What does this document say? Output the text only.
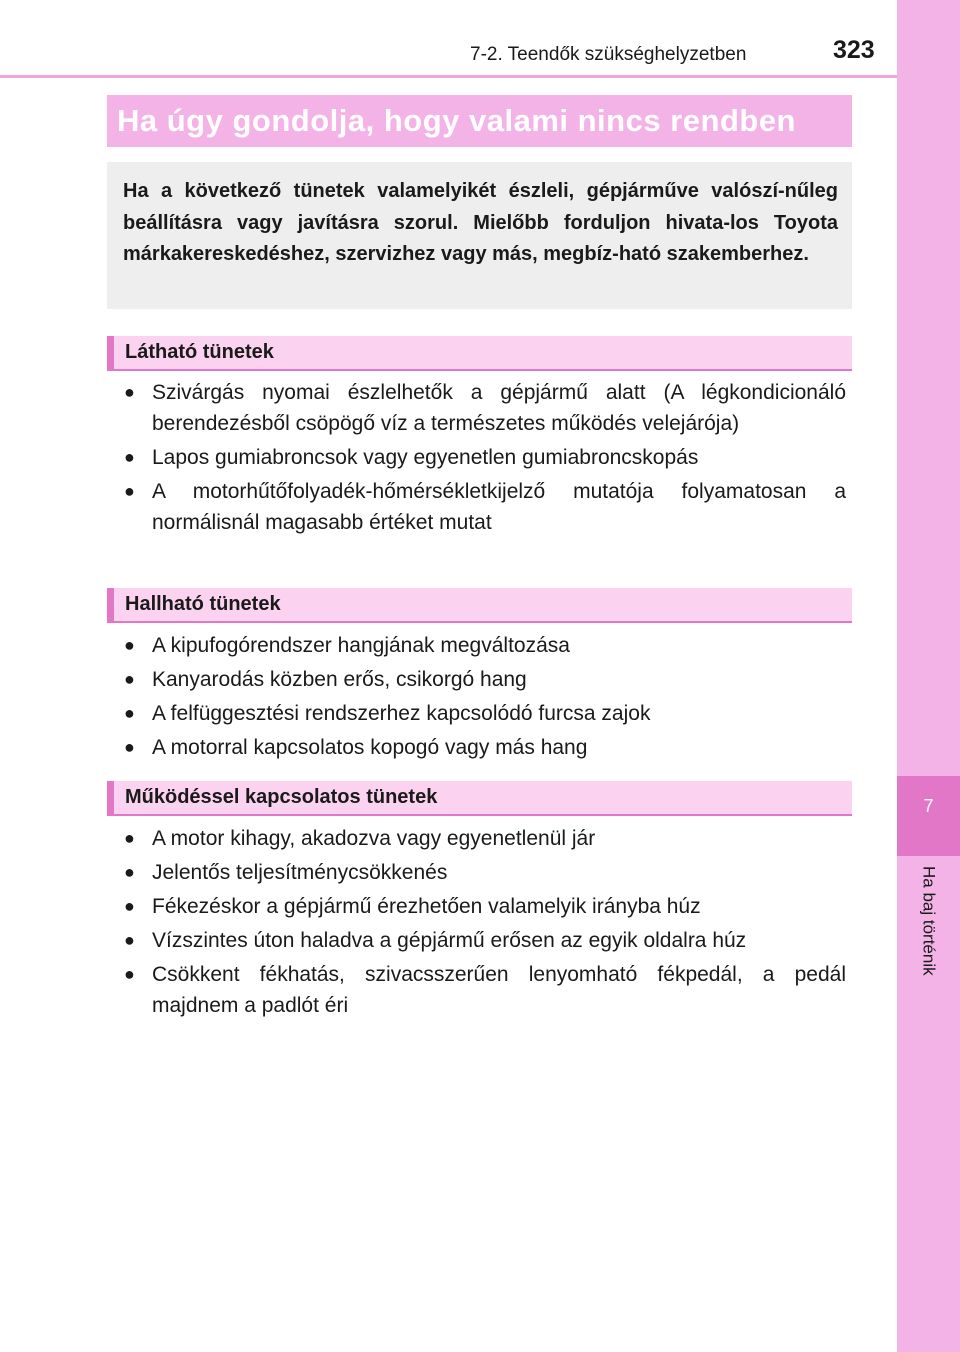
7
Ha baj történik
7-2. Teendők szükséghelyzetben	323
Ha úgy gondolja, hogy valami nincs rendben

Ha a következő tünetek valamelyikét észleli, gépjárműve valószí-nűleg beállításra vagy javításra szorul. Mielőbb forduljon hivata-los Toyota márkakereskedéshez, szervizhez vagy más, megbíz-ható szakemberhez.

Látható tünetek
● Szivárgás nyomai észlelhetők a gépjármű alatt (A légkondicionáló berendezésből csöpögő víz a természetes működés velejárója)
● Lapos gumiabroncsok vagy egyenetlen gumiabroncskopás
● A motorhűtőfolyadék-hőmérsékletkijelző mutatója folyamatosan a normálisnál magasabb értéket mutat
Hallható tünetek
● A kipufogórendszer hangjának megváltozása
● Kanyarodás közben erős, csikorgó hang
● A felfüggesztési rendszerhez kapcsolódó furcsa zajok
● A motorral kapcsolatos kopogó vagy más hang
Működéssel kapcsolatos tünetek
● A motor kihagy, akadozva vagy egyenetlenül jár
● Jelentős teljesítménycsökkenés
● Fékezéskor a gépjármű érezhetően valamelyik irányba húz
● Vízszintes úton haladva a gépjármű erősen az egyik oldalra húz
● Csökkent fékhatás, szivacsszerűen lenyomható fékpedál, a pedál majdnem a padlót éri
